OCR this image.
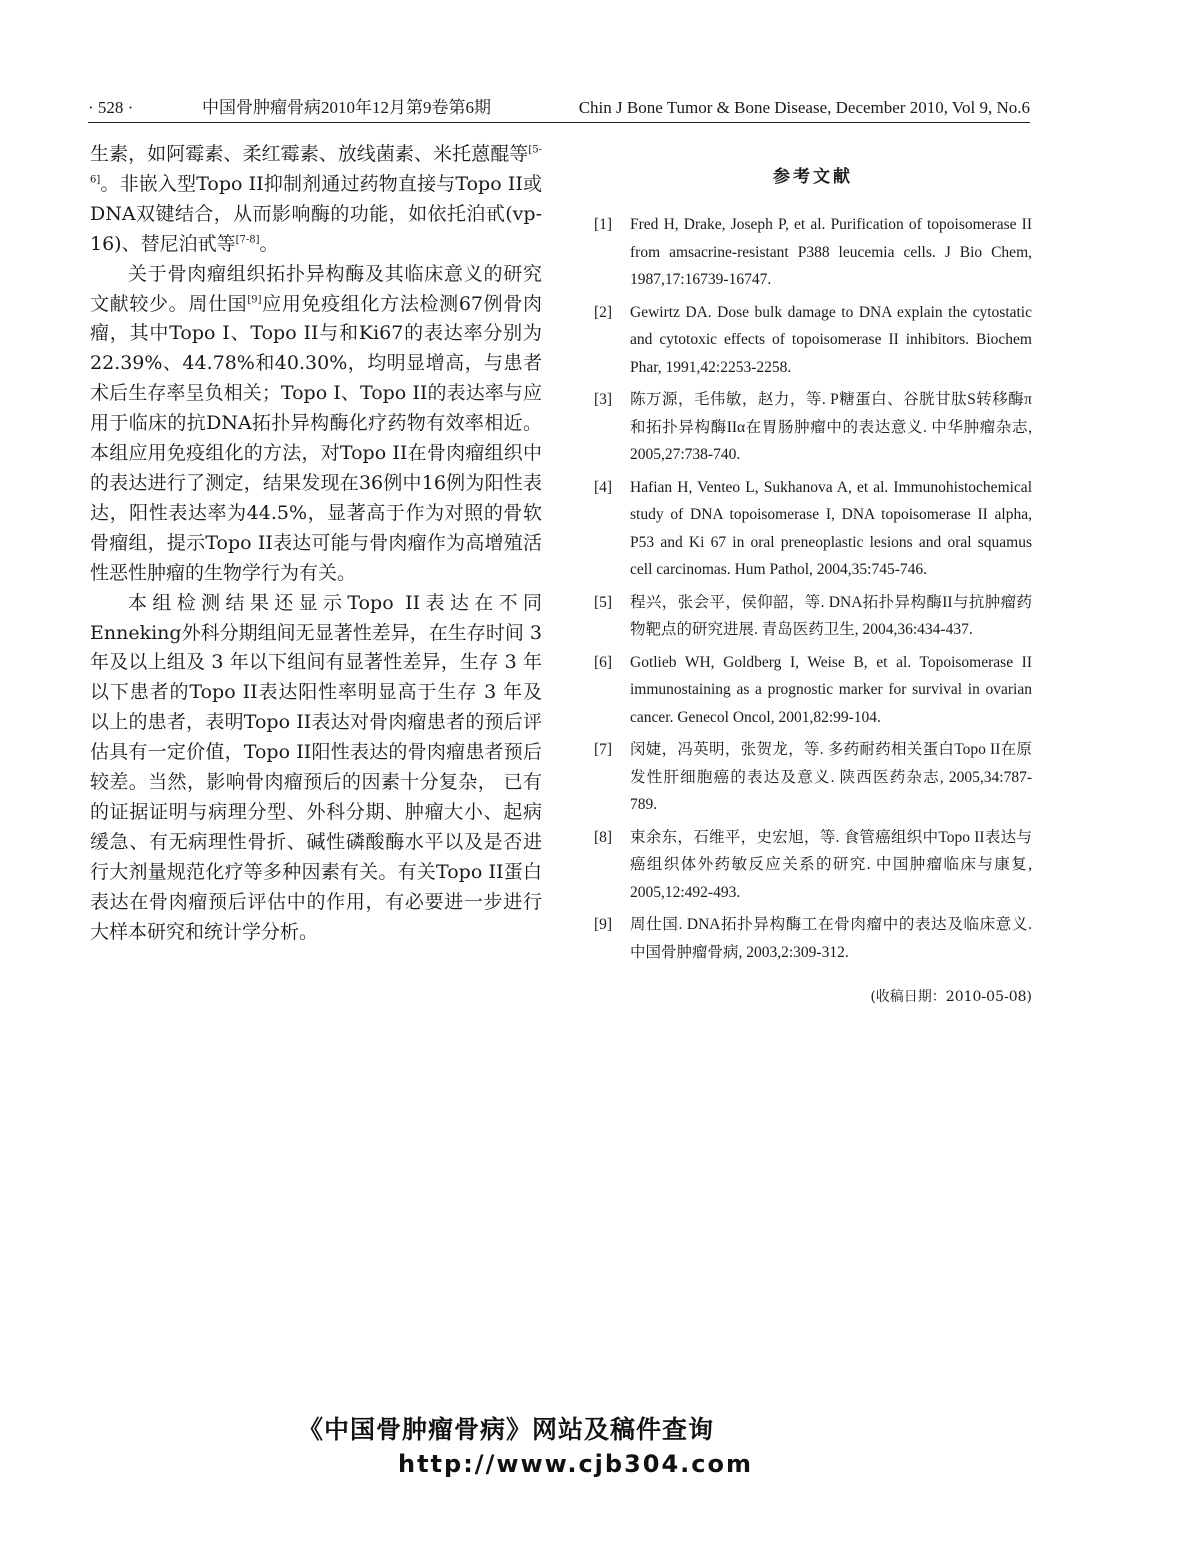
· 528 ·	中国骨肿瘤骨病2010年12月第9卷第6期	Chin J Bone Tumor & Bone Disease, December 2010, Vol 9, No.6

生素，如阿霉素、柔红霉素、放线菌素、米托蒽醌等[5-6]。非嵌入型Topo II抑制剂通过药物直接与Topo II或DNA双键结合，从而影响酶的功能，如依托泊甙(vp-16)、替尼泊甙等[7-8]。

关于骨肉瘤组织拓扑异构酶及其临床意义的研究文献较少。周仕国[9]应用免疫组化方法检测67例骨肉瘤，其中Topo I、Topo II与和Ki67的表达率分别为22.39%、44.78%和40.30%，均明显增高，与患者术后生存率呈负相关；Topo I、Topo II的表达率与应用于临床的抗DNA拓扑异构酶化疗药物有效率相近。本组应用免疫组化的方法，对Topo II在骨肉瘤组织中的表达进行了测定，结果发现在36例中16例为阳性表达，阳性表达率为44.5%，显著高于作为对照的骨软骨瘤组，提示Topo II表达可能与骨肉瘤作为高增殖活性恶性肿瘤的生物学行为有关。

本组检测结果还显示Topo II表达在不同Enneking外科分期组间无显著性差异，在生存时间 3 年及以上组及 3 年以下组间有显著性差异，生存 3 年以下患者的Topo II表达阳性率明显高于生存 3 年及以上的患者，表明Topo II表达对骨肉瘤患者的预后评估具有一定价值，Topo II阳性表达的骨肉瘤患者预后较差。当然，影响骨肉瘤预后的因素十分复杂， 已有的证据证明与病理分型、外科分期、肿瘤大小、起病缓急、有无病理性骨折、碱性磷酸酶水平以及是否进行大剂量规范化疗等多种因素有关。有关Topo II蛋白表达在骨肉瘤预后评估中的作用，有必要进一步进行大样本研究和统计学分析。

参考文献
[1] Fred H, Drake, Joseph P, et al. Purification of topoisomerase II from amsacrine-resistant P388 leucemia cells. J Bio Chem, 1987,17:16739-16747.
[2] Gewirtz DA. Dose bulk damage to DNA explain the cytostatic and cytotoxic effects of topoisomerase II inhibitors. Biochem Phar, 1991,42:2253-2258.
[3] 陈万源，毛伟敏，赵力，等. P糖蛋白、谷胱甘肽S转移酶π和拓扑异构酶IIα在胃肠肿瘤中的表达意义. 中华肿瘤杂志, 2005,27:738-740.
[4] Hafian H, Venteo L, Sukhanova A, et al. Immunohistochemical study of DNA topoisomerase I, DNA topoisomerase II alpha, P53 and Ki 67 in oral preneoplastic lesions and oral squamus cell carcinomas. Hum Pathol, 2004,35:745-746.
[5] 程兴，张会平，侯仰韶，等. DNA拓扑异构酶II与抗肿瘤药物靶点的研究进展. 青岛医药卫生, 2004,36:434-437.
[6] Gotlieb WH, Goldberg I, Weise B, et al. Topoisomerase II immunostaining as a prognostic marker for survival in ovarian cancer. Genecol Oncol, 2001,82:99-104.
[7] 闵婕，冯英明，张贺龙，等. 多药耐药相关蛋白Topo II在原发性肝细胞癌的表达及意义. 陕西医药杂志, 2005,34:787-789.
[8] 束余东，石维平，史宏旭，等. 食管癌组织中Topo II表达与癌组织体外药敏反应关系的研究. 中国肿瘤临床与康复, 2005,12:492-493.
[9] 周仕国. DNA拓扑异构酶工在骨肉瘤中的表达及临床意义. 中国骨肿瘤骨病, 2003,2:309-312.
(收稿日期：2010-05-08)
《中国骨肿瘤骨病》网站及稿件查询
http://www.cjb304.com
